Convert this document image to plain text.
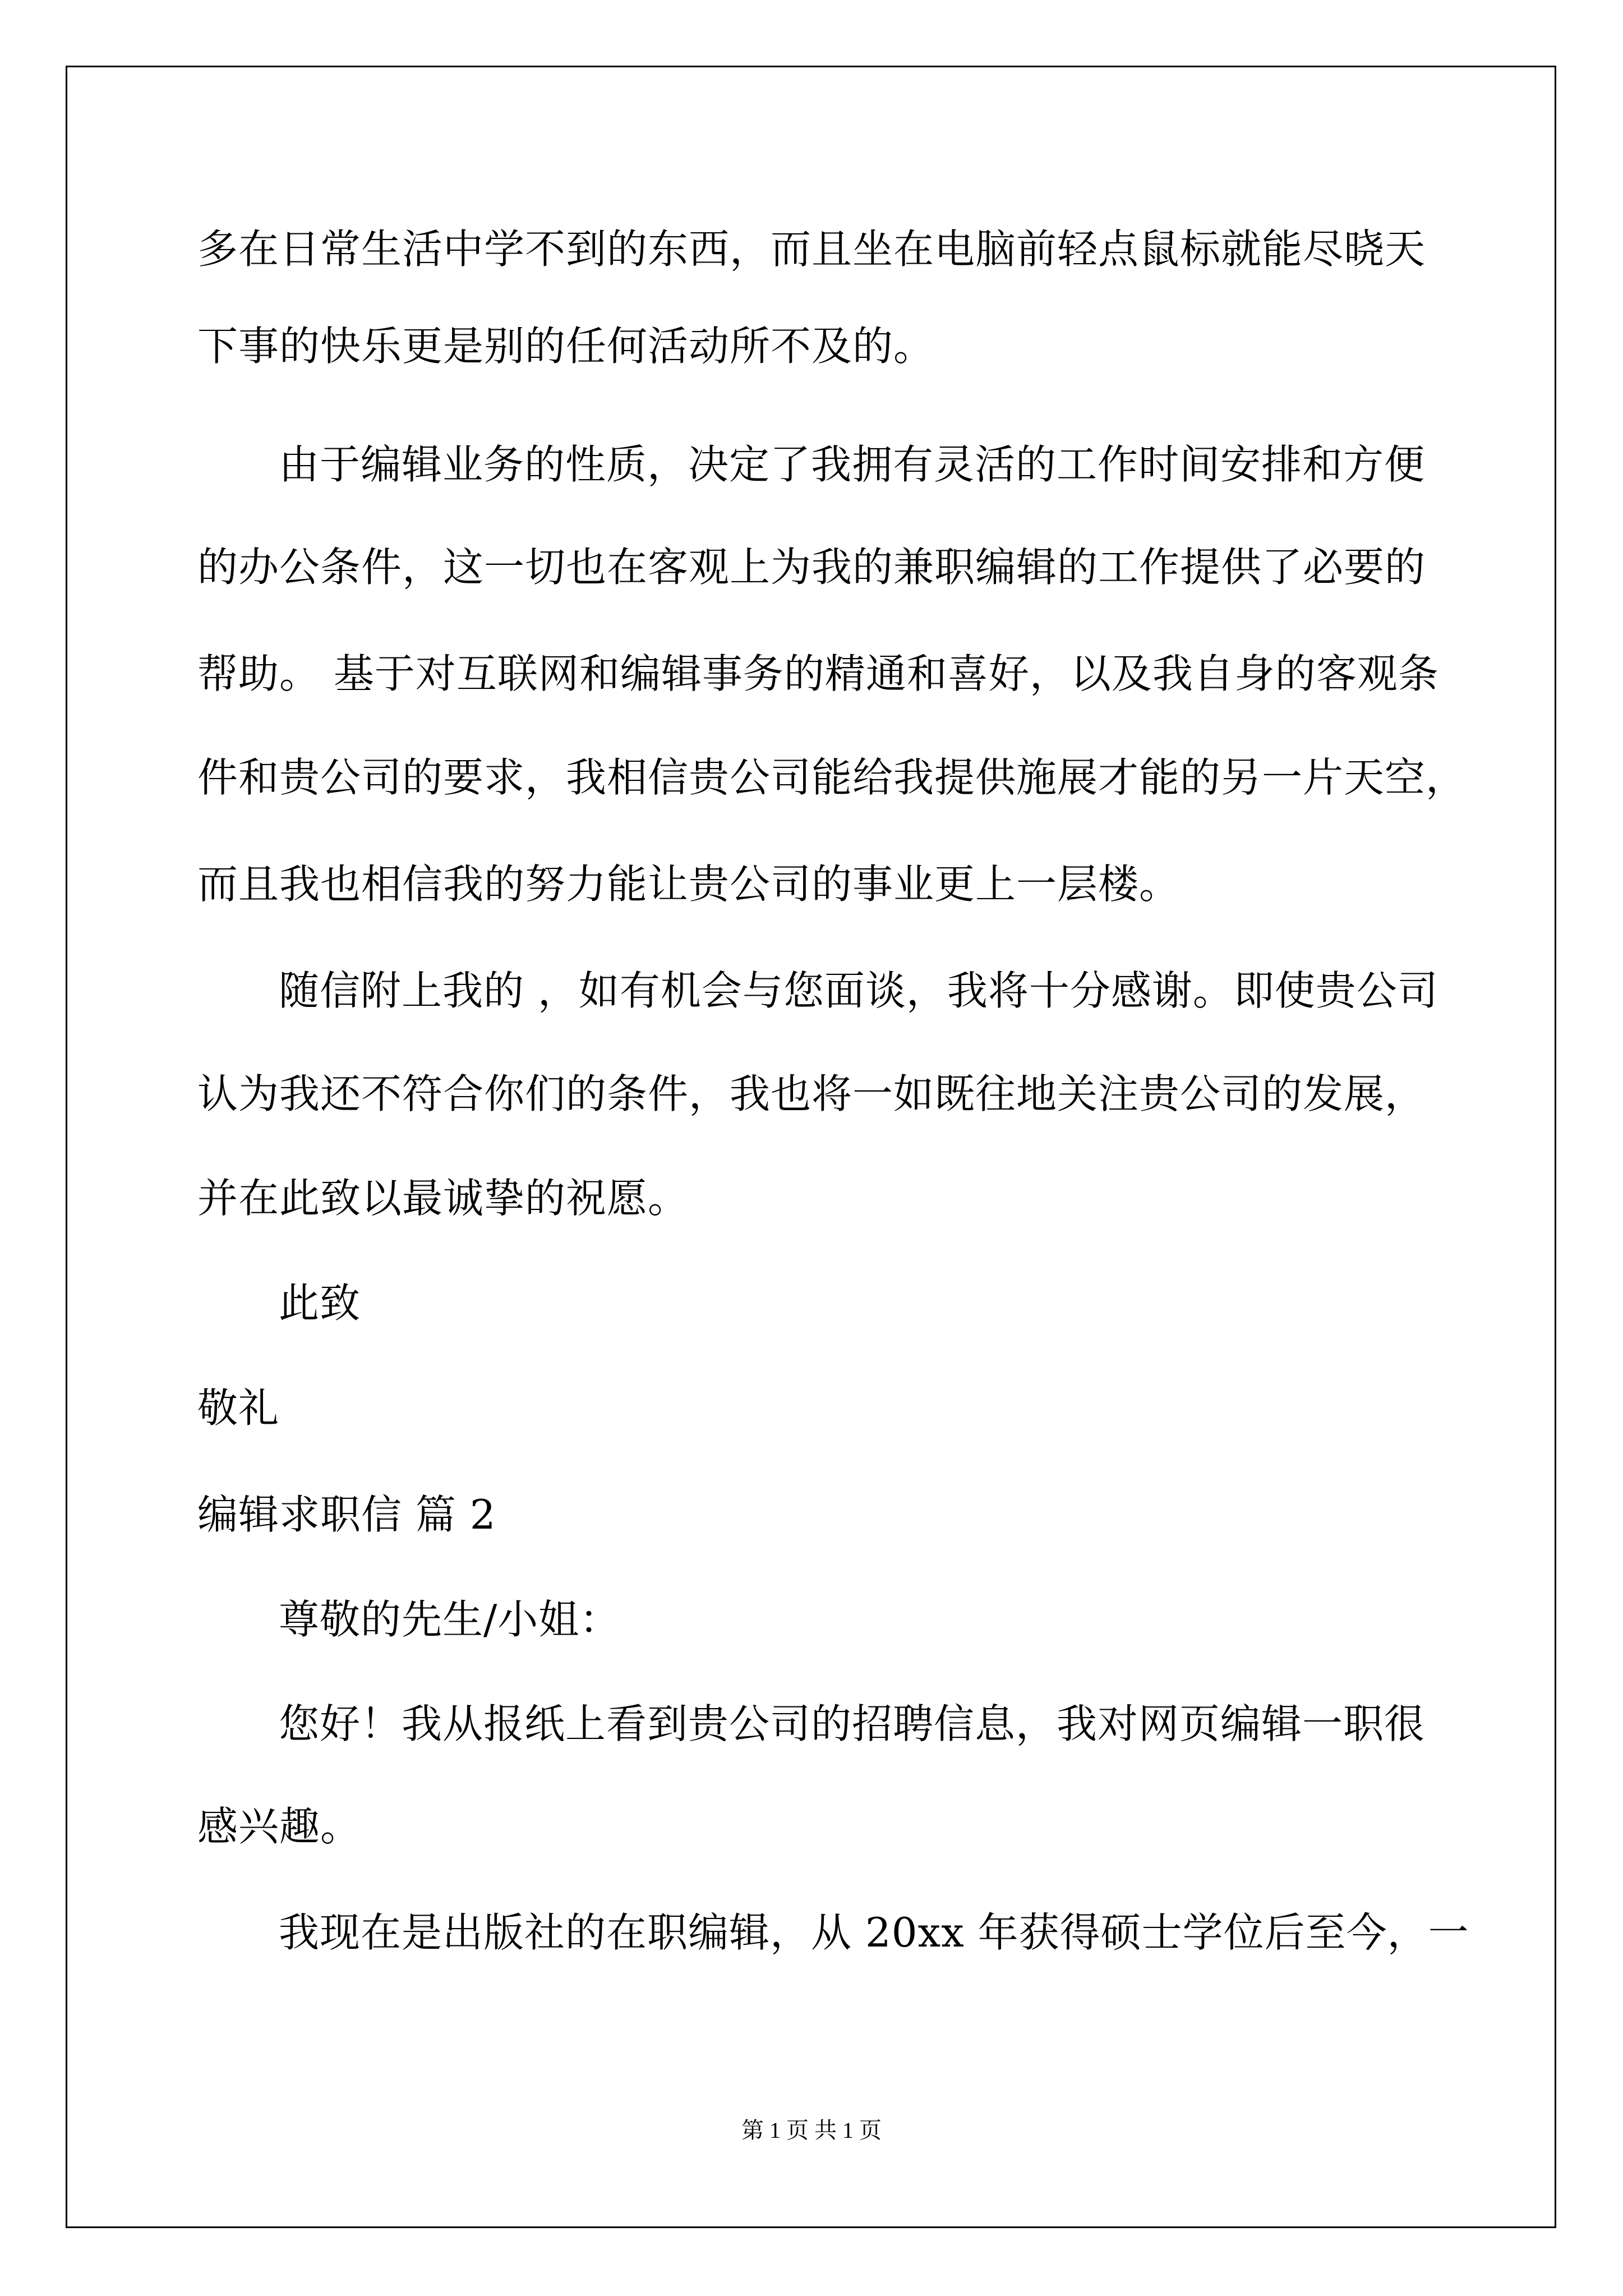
多在日常生活中学不到的东西，而且坐在电脑前轻点鼠标就能尽晓天
下事的快乐更是别的任何活动所不及的。
由于编辑业务的性质，决定了我拥有灵活的工作时间安排和方便
的办公条件，这一切也在客观上为我的兼职编辑的工作提供了必要的
帮助。 基于对互联网和编辑事务的精通和喜好，以及我自身的客观条
件和贵公司的要求，我相信贵公司能给我提供施展才能的另一片天空，
而且我也相信我的努力能让贵公司的事业更上一层楼。
随信附上我的 ，如有机会与您面谈，我将十分感谢。即使贵公司
认为我还不符合你们的条件，我也将一如既往地关注贵公司的发展，
并在此致以最诚挚的祝愿。
此致
敬礼
编辑求职信 篇 2
尊敬的先生/小姐：
您好！我从报纸上看到贵公司的招聘信息，我对网页编辑一职很
感兴趣。
我现在是出版社的在职编辑，从 20xx 年获得硕士学位后至今，一
第 1 页 共 1 页
